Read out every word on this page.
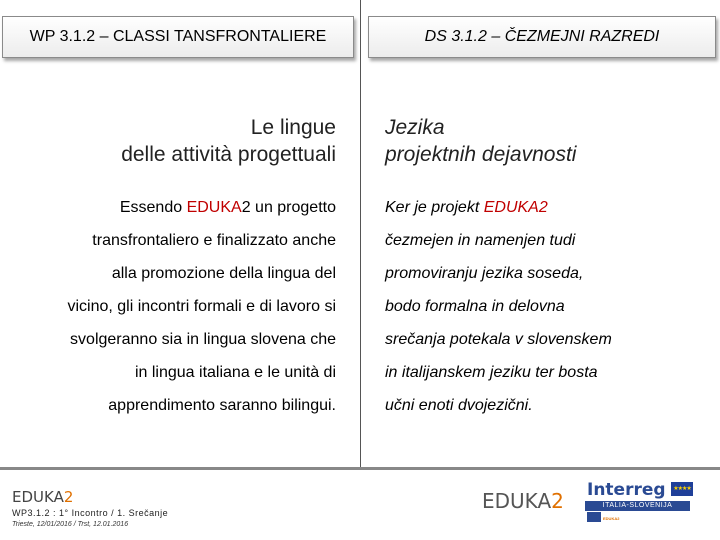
WP 3.1.2 – CLASSI TANSFRONTALIERE	DS 3.1.2 – ČEZMEJNI RAZREDI
Le lingue
delle attività progettuali
Jezika
projektnih dejavnosti
Essendo EDUKA2 un progetto
transfrontaliero e finalizzato anche
alla promozione della lingua del
vicino, gli incontri formali e di lavoro si
svolgeranno sia in lingua slovena che
in lingua italiana e le unità di
apprendimento saranno bilingui.
Ker je projekt EDUKA2
čezmejen in namenjen tudi
promoviranju jezika soseda,
bodo formalna in delovna
srečanja potekala v slovenskem
in italijanskem jeziku ter bosta
učni enoti dvojezični.
EDUKA2
WP3.1.2 : 1° Incontro / 1. Srečanje
Trieste, 12/01/2016 / Trst, 12.01.2016
EDUKA2 Interreg	★★★★
ITALIA-SLOVENIJA
EDUKA2
